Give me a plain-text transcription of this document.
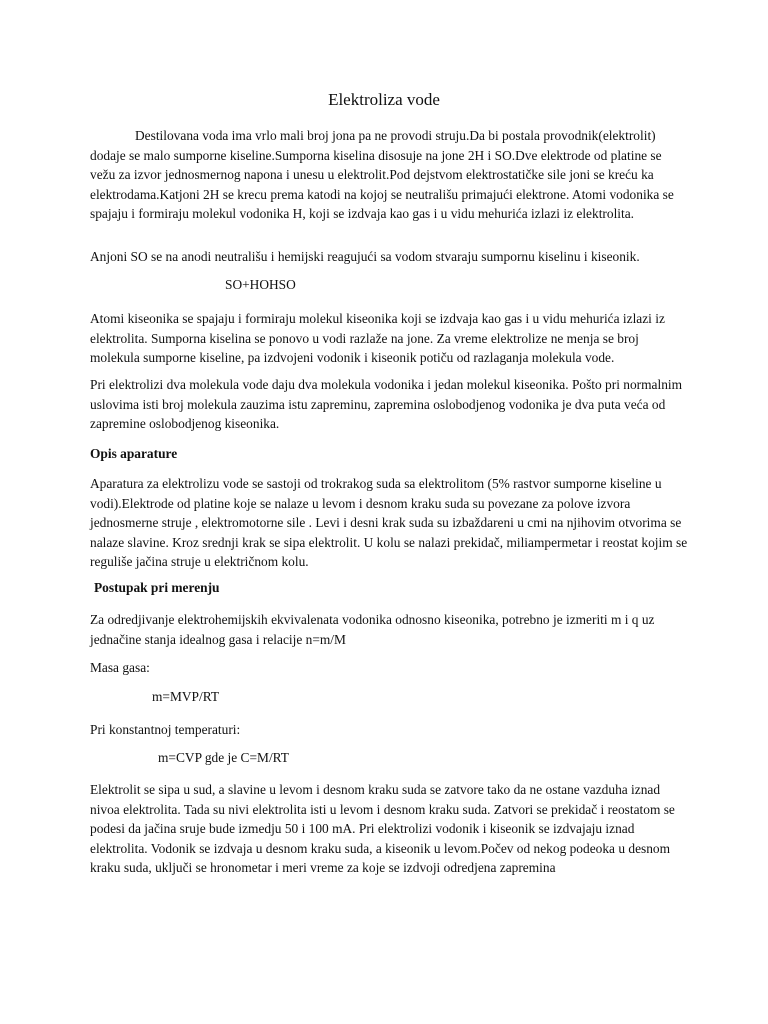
Elektroliza vode

Destilovana voda ima vrlo mali broj jona pa ne provodi struju.Da bi postala provodnik(elektrolit) dodaje se malo sumporne kiseline.Sumporna kiselina disosuje na jone 2H i SO.Dve elektrode od platine se vežu za izvor jednosmernog napona i unesu u elektrolit.Pod dejstvom elektrostatičke sile joni se kreću ka elektrodama.Katjoni 2H se krecu prema katodi na kojoj se neutrališu primajući elektrone. Atomi vodonika se spajaju i formiraju molekul vodonika H, koji se izdvaja kao gas i u vidu mehurića izlazi iz elektrolita.

Anjoni SO se na anodi neutrališu i hemijski reagujući sa vodom stvaraju sumpornu kiselinu i kiseonik.

SO+HOHSO

Atomi kiseonika se spajaju i formiraju molekul kiseonika koji se izdvaja kao gas i u vidu mehurića izlazi iz elektrolita. Sumporna kiselina se ponovo u vodi razlaže na jone. Za vreme elektrolize ne menja se broj molekula sumporne kiseline, pa izdvojeni vodonik i kiseonik potiču od razlaganja molekula vode.

Pri elektrolizi dva molekula vode daju dva molekula vodonika i jedan molekul kiseonika. Pošto pri normalnim uslovima isti broj molekula zauzima istu zapreminu, zapremina oslobodjenog vodonika je dva puta veća od zapremine oslobodjenog kiseonika.

Opis aparature

Aparatura za elektrolizu vode se sastoji od trokrakog suda sa elektrolitom (5% rastvor sumporne kiseline u vodi).Elektrode od platine koje se nalaze u levom i desnom kraku suda su povezane za polove izvora jednosmerne struje , elektromotorne sile . Levi i desni krak suda su izbaždareni u cmi na njihovim otvorima se nalaze slavine. Kroz srednji krak se sipa elektrolit. U kolu se nalazi prekidač, miliampermetar i reostat kojim se reguliše jačina struje u električnom kolu.

Postupak pri merenju

Za odredjivanje elektrohemijskih ekvivalenata vodonika odnosno kiseonika, potrebno je izmeriti m i q uz jednačine stanja idealnog gasa i relacije n=m/M

Masa gasa:
m=MVP/RT
Pri konstantnoj temperaturi:
m=CVP gde je C=M/RT

Elektrolit se sipa u sud, a slavine u levom i desnom kraku suda se zatvore tako da ne ostane vazduha iznad nivoa elektrolita. Tada su nivi elektrolita isti u levom i desnom kraku suda. Zatvori se prekidač i reostatom se podesi da jačina sruje bude izmedju 50 i 100 mA. Pri elektrolizi vodonik i kiseonik se izdvajaju iznad elektrolita. Vodonik se izdvaja u desnom kraku suda, a kiseonik u levom.Počev od nekog podeoka u desnom kraku suda, uključi se hronometar i meri vreme za koje se izdvoji odredjena zapremina
